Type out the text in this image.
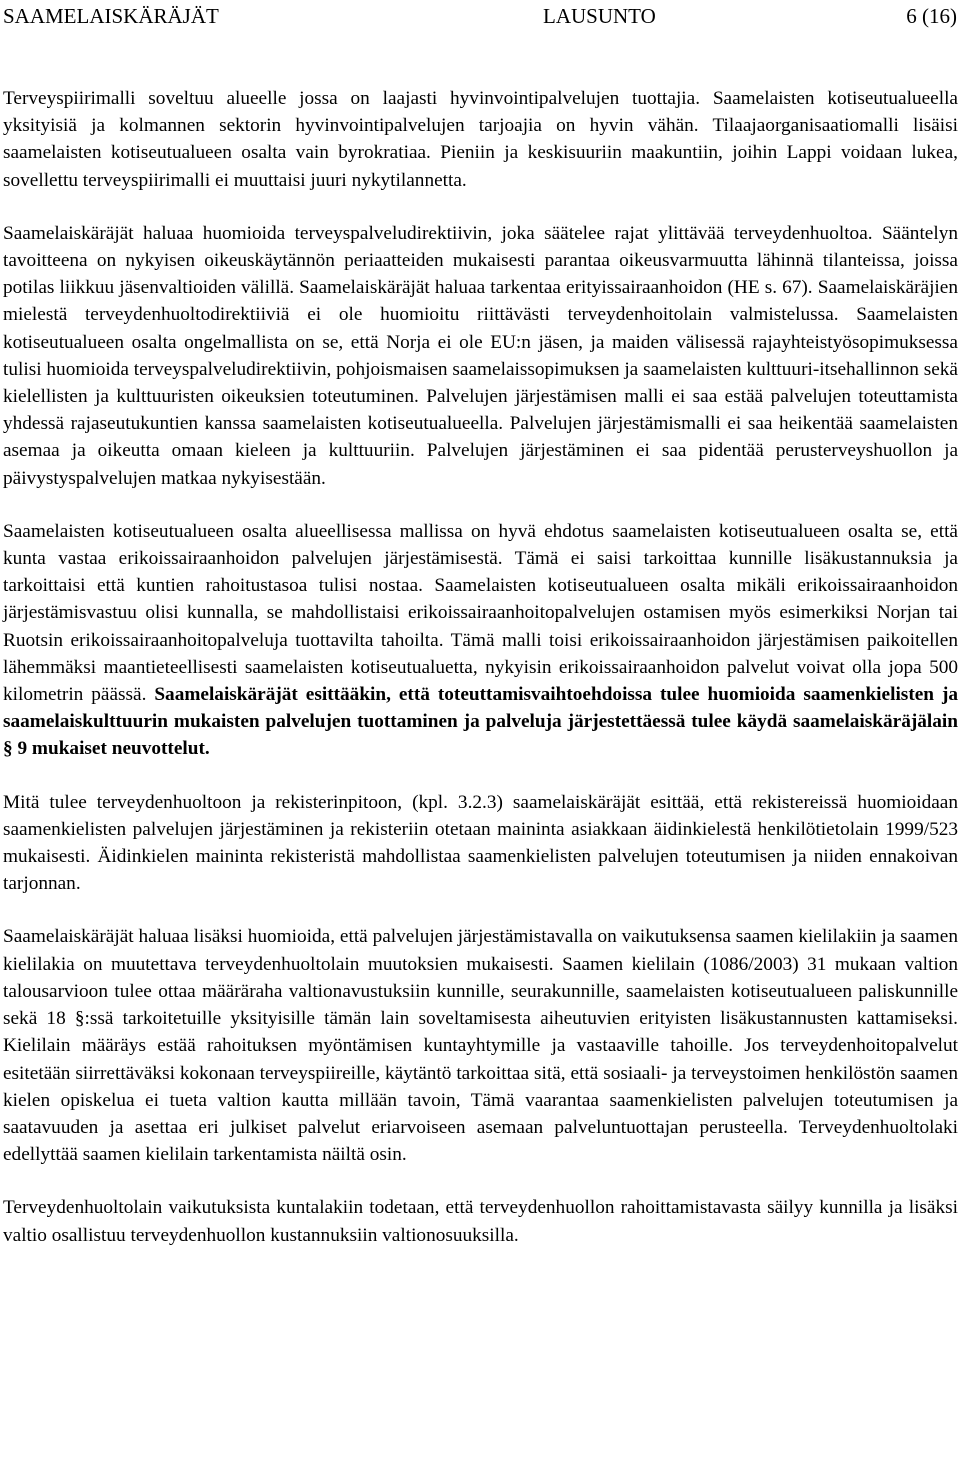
SAAMELAISKÄRÄJÄT	LAUSUNTO	6 (16)

Terveyspiirimalli soveltuu alueelle jossa on laajasti hyvinvointipalvelujen tuottajia. Saamelaisten kotiseutualueella yksityisiä ja kolmannen sektorin hyvinvointipalvelujen tarjoajia on hyvin vähän. Tilaajaorganisaatiomalli lisäisi saamelaisten kotiseutualueen osalta vain byrokratiaa. Pieniin ja keskisuuriin maakuntiin, joihin Lappi voidaan lukea, sovellettu terveyspiirimalli ei muuttaisi juuri nykytilannetta.

Saamelaiskäräjät haluaa huomioida terveyspalveludirektiivin, joka säätelee rajat ylittävää terveydenhuoltoa. Sääntelyn tavoitteena on nykyisen oikeuskäytännön periaatteiden mukaisesti parantaa oikeusvarmuutta lähinnä tilanteissa, joissa potilas liikkuu jäsenvaltioiden välillä. Saamelaiskäräjät haluaa tarkentaa erityissairaanhoidon (HE s. 67). Saamelaiskäräjien mielestä terveydenhuoltodirektiiviä ei ole huomioitu riittävästi terveydenhoitolain valmistelussa. Saamelaisten kotiseutualueen osalta ongelmallista on se, että Norja ei ole EU:n jäsen, ja maiden välisessä rajayhteistyösopimuksessa tulisi huomioida terveyspalveludirektiivin, pohjoismaisen saamelaissopimuksen ja saamelaisten kulttuuri-itsehallinnon sekä kielellisten ja kulttuuristen oikeuksien toteutuminen. Palvelujen järjestämisen malli ei saa estää palvelujen toteuttamista yhdessä rajaseutukuntien kanssa saamelaisten kotiseutualueella. Palvelujen järjestämismalli ei saa heikentää saamelaisten asemaa ja oikeutta omaan kieleen ja kulttuuriin. Palvelujen järjestäminen ei saa pidentää perusterveyshuollon ja päivystyspalvelujen matkaa nykyisestään.

Saamelaisten kotiseutualueen osalta alueellisessa mallissa on hyvä ehdotus saamelaisten kotiseutualueen osalta se, että kunta vastaa erikoissairaanhoidon palvelujen järjestämisestä. Tämä ei saisi tarkoittaa kunnille lisäkustannuksia ja tarkoittaisi että kuntien rahoitustasoa tulisi nostaa. Saamelaisten kotiseutualueen osalta mikäli erikoissairaanhoidon järjestämisvastuu olisi kunnalla, se mahdollistaisi erikoissairaanhoitopalvelujen ostamisen myös esimerkiksi Norjan tai Ruotsin erikoissairaanhoitopalveluja tuottavilta tahoilta. Tämä malli toisi erikoissairaanhoidon järjestämisen paikoitellen lähemmäksi maantieteellisesti saamelaisten kotiseutualuetta, nykyisin erikoissairaanhoidon palvelut voivat olla jopa 500 kilometrin päässä. Saamelaiskäräjät esittääkin, että toteuttamisvaihtoehdoissa tulee huomioida saamenkielisten ja saamelaiskulttuurin mukaisten palvelujen tuottaminen ja palveluja järjestettäessä tulee käydä saamelaiskäräjälain § 9 mukaiset neuvottelut.

Mitä tulee terveydenhuoltoon ja rekisterinpitoon, (kpl. 3.2.3) saamelaiskäräjät esittää, että rekistereissä huomioidaan saamenkielisten palvelujen järjestäminen ja rekisteriin otetaan maininta asiakkaan äidinkielestä henkilötietolain 1999/523 mukaisesti. Äidinkielen maininta rekisteristä mahdollistaa saamenkielisten palvelujen toteutumisen ja niiden ennakoivan tarjonnan.

Saamelaiskäräjät haluaa lisäksi huomioida, että palvelujen järjestämistavalla on vaikutuksensa saamen kielilakiin ja saamen kielilakia on muutettava terveydenhuoltolain muutoksien mukaisesti. Saamen kielilain (1086/2003) 31 mukaan valtion talousarvioon tulee ottaa määräraha valtionavustuksiin kunnille, seurakunnille, saamelaisten kotiseutualueen paliskunnille sekä 18 §:ssä tarkoitetuille yksityisille tämän lain soveltamisesta aiheutuvien erityisten lisäkustannusten kattamiseksi. Kielilain määräys estää rahoituksen myöntämisen kuntayhtymille ja vastaaville tahoille. Jos terveydenhoitopalvelut esitetään siirrettäväksi kokonaan terveyspiireille, käytäntö tarkoittaa sitä, että sosiaali- ja terveystoimen henkilöstön saamen kielen opiskelua ei tueta valtion kautta millään tavoin, Tämä vaarantaa saamenkielisten palvelujen toteutumisen ja saatavuuden ja asettaa eri julkiset palvelut eriarvoiseen asemaan palveluntuottajan perusteella. Terveydenhuoltolaki edellyttää saamen kielilain tarkentamista näiltä osin.

Terveydenhuoltolain vaikutuksista kuntalakiin todetaan, että terveydenhuollon rahoittamistavasta säilyy kunnilla ja lisäksi valtio osallistuu terveydenhuollon kustannuksiin valtionosuuksilla.
